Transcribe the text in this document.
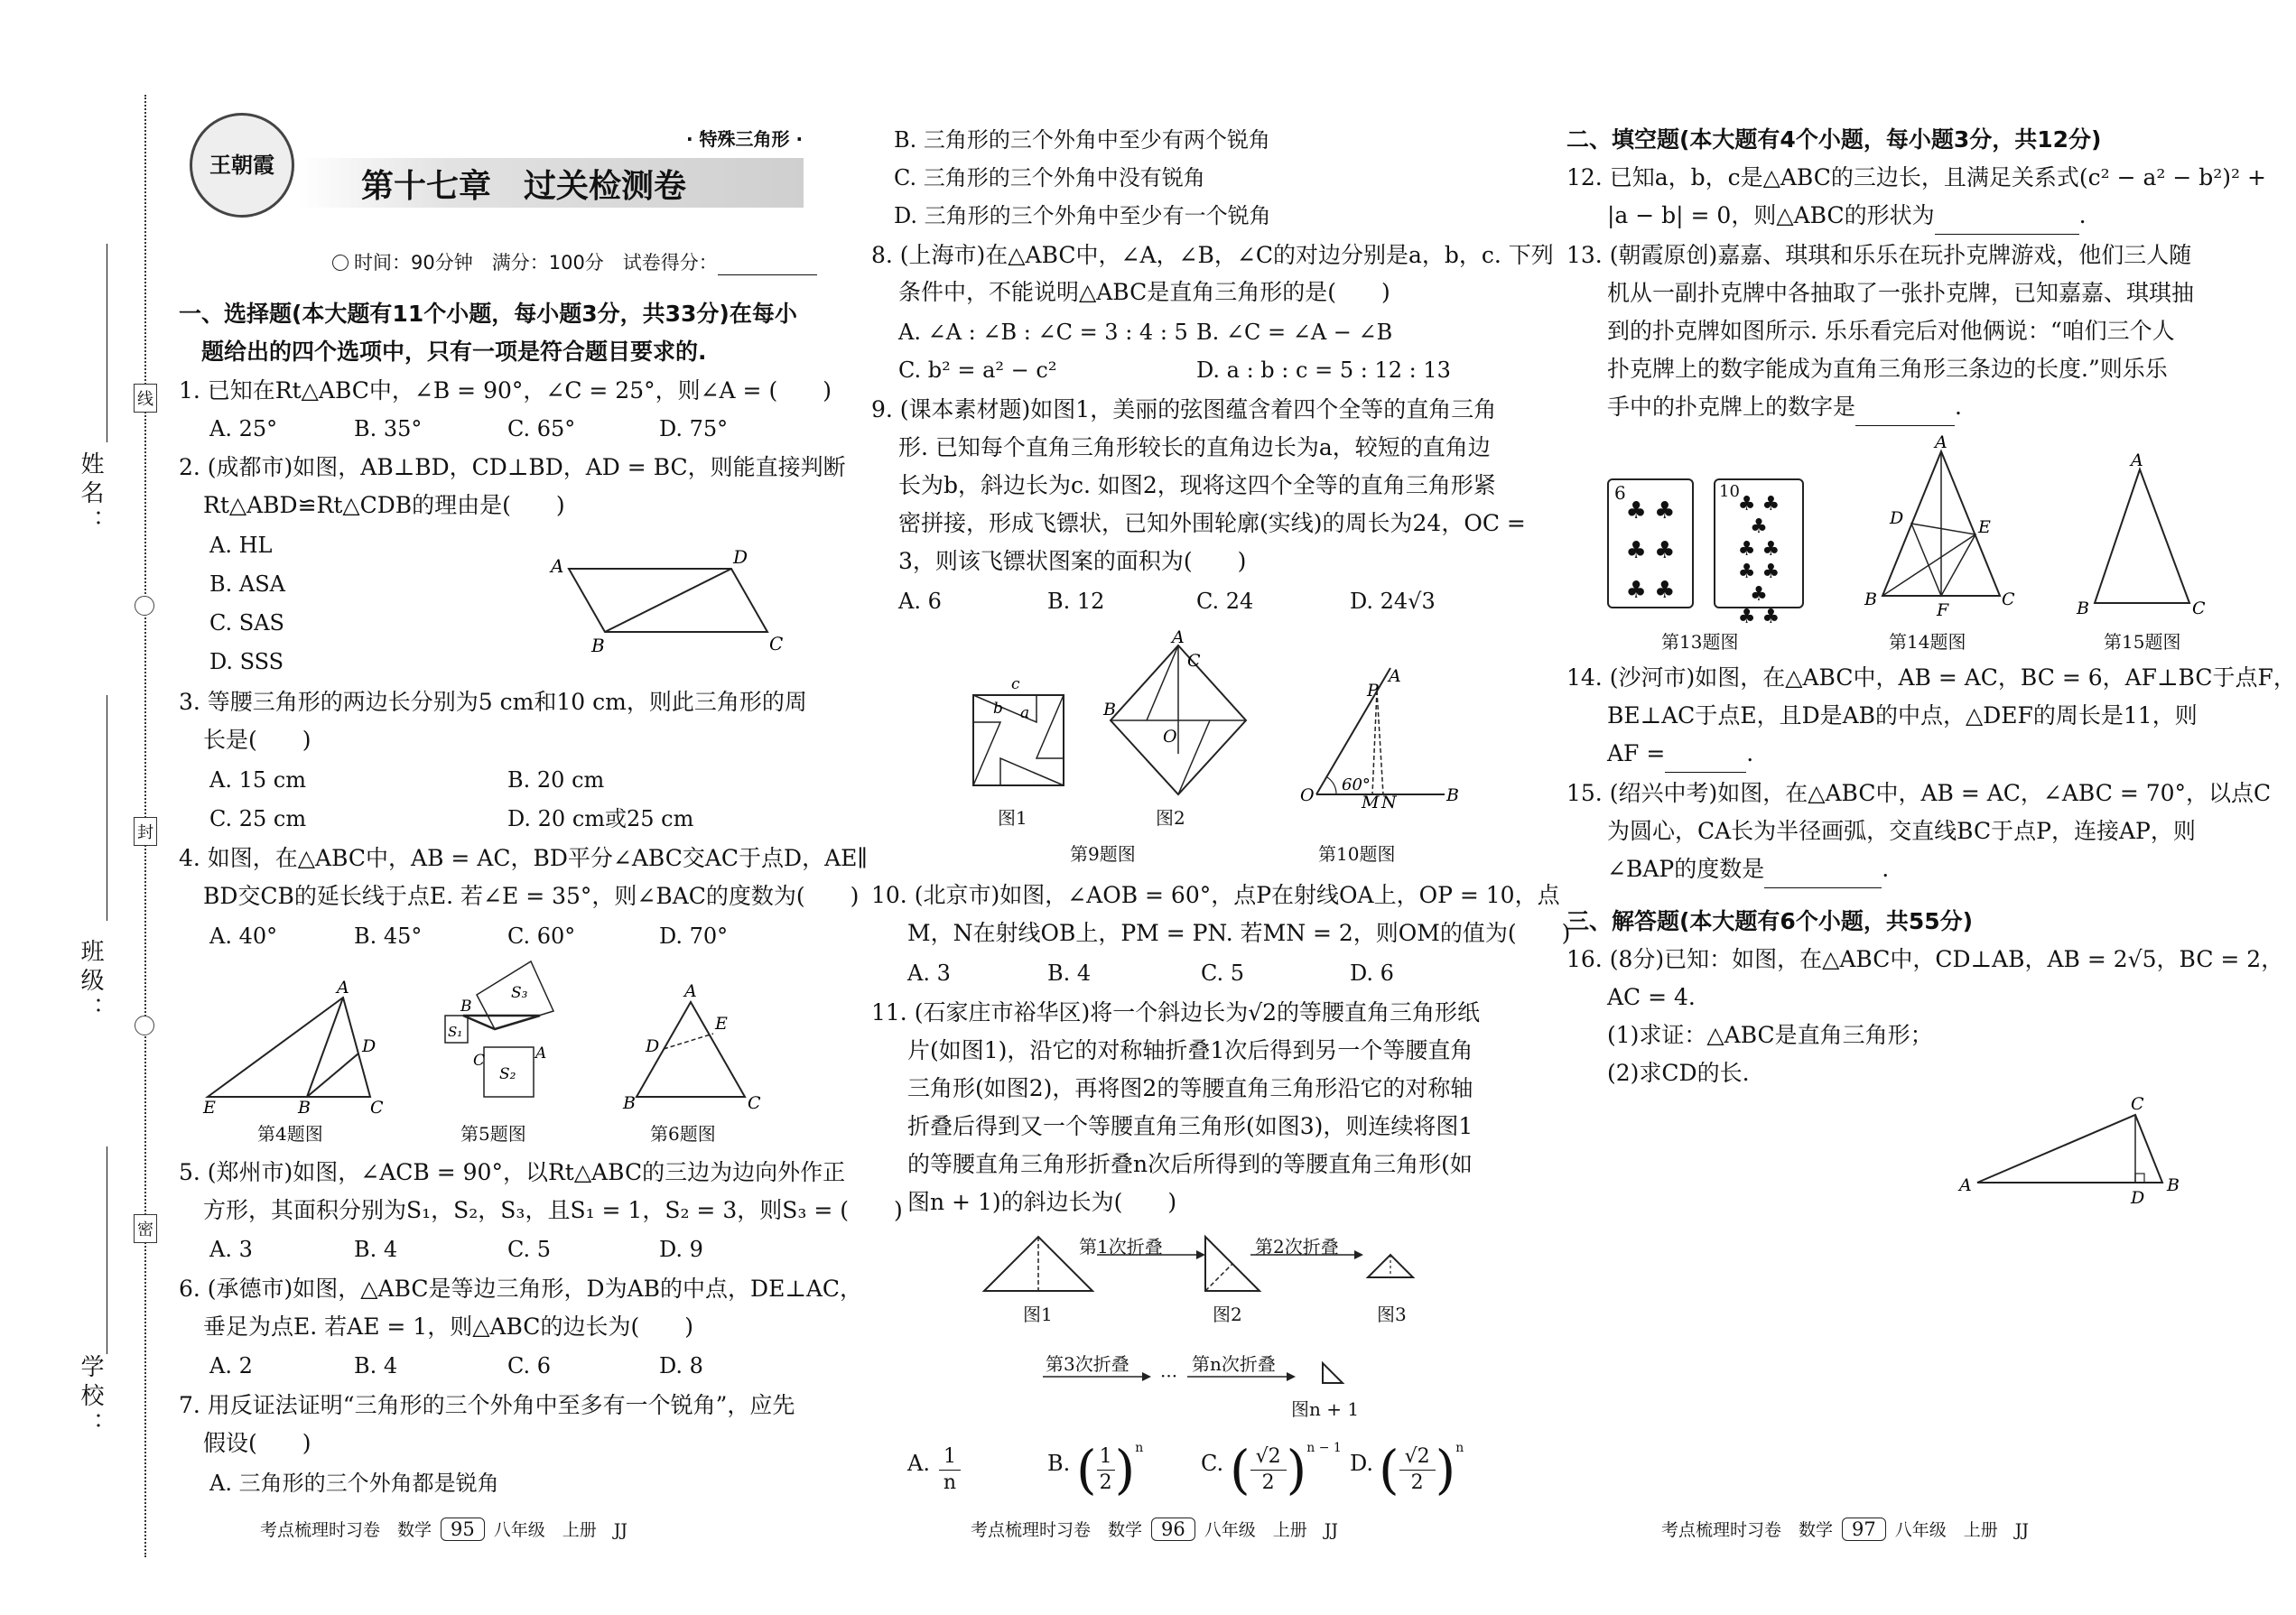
姓名：
班级：
学校：
线
封
密
王朝霞
第十七章　过关检测卷
· 特殊三角形 ·
时间：90分钟　满分：100分　试卷得分：
一、选择题(本大题有11个小题，每小题3分，共33分)在每小
题给出的四个选项中，只有一项是符合题目要求的.
1. 已知在Rt△ABC中，∠B = 90°，∠C = 25°，则∠A = (　　)
A. 25°	B. 35°	C. 65°	D. 75°
2. (成都市)如图，AB⊥BD，CD⊥BD，AD = BC，则能直接判断
Rt△ABD≌Rt△CDB的理由是(　　)
A. HL
B. ASA
C. SAS
D. SSS
A	D
B	C
3. 等腰三角形的两边长分别为5 cm和10 cm，则此三角形的周
长是(　　)
A. 15 cm	B. 20 cm
C. 25 cm	D. 20 cm或25 cm
4. 如图，在△ABC中，AB = AC，BD平分∠ABC交AC于点D，AE∥
BD交CB的延长线于点E. 若∠E = 35°，则∠BAC的度数为(　　)
A. 40°	B. 45°	C. 60°	D. 70°
E
A
B
D
C
第4题图
B
S₃
S₁
C	A
S₂
第5题图
A
D
E
B	C
第6题图
5. (郑州市)如图，∠ACB = 90°，以Rt△ABC的三边为边向外作正
方形，其面积分别为S₁，S₂，S₃，且S₁ = 1，S₂ = 3，则S₃ = (　　)
A. 3	B. 4	C. 5	D. 9
6. (承德市)如图，△ABC是等边三角形，D为AB的中点，DE⊥AC，
垂足为点E. 若AE = 1，则△ABC的边长为(　　)
A. 2	B. 4	C. 6	D. 8
7. 用反证法证明“三角形的三个外角中至多有一个锐角”，应先
假设(　　)
A. 三角形的三个外角都是锐角
考点梳理时习卷　数学 95 八年级　上册　JJ
B. 三角形的三个外角中至少有两个锐角
C. 三角形的三个外角中没有锐角
D. 三角形的三个外角中至少有一个锐角
8. (上海市)在△ABC中，∠A，∠B，∠C的对边分别是a，b，c. 下列
条件中，不能说明△ABC是直角三角形的是(　　)
A. ∠A : ∠B : ∠C = 3 : 4 : 5 B. ∠C = ∠A − ∠B
C. b² = a² − c²	D. a : b : c = 5 : 12 : 13
9. (课本素材题)如图1，美丽的弦图蕴含着四个全等的直角三角
形. 已知每个直角三角形较长的直角边长为a，较短的直角边
长为b，斜边长为c. 如图2，现将这四个全等的直角三角形紧
密拼接，形成飞镖状，已知外围轮廓(实线)的周长为24，OC =
3，则该飞镖状图案的面积为(　　)
A. 6	B. 12	C. 24	D. 24√3
c
b a
图1
A
C
B
O
图2
第9题图
O
60°
P
A
M N	B
第10题图
10. (北京市)如图，∠AOB = 60°，点P在射线OA上，OP = 10，点
M，N在射线OB上，PM = PN. 若MN = 2，则OM的值为(　　)
A. 3	B. 4	C. 5	D. 6
11. (石家庄市裕华区)将一个斜边长为√2的等腰直角三角形纸
片(如图1)，沿它的对称轴折叠1次后得到另一个等腰直角
三角形(如图2)，再将图2的等腰直角三角形沿它的对称轴
折叠后得到又一个等腰直角三角形(如图3)，则连续将图1
的等腰直角三角形折叠n次后所得到的等腰直角三角形(如
图n + 1)的斜边长为(　　)
第1次折叠	第2次折叠
图1	图2	图3
第3次折叠
···
第n次折叠
图n + 1
A. 1
n
B. ( $\frac{1}{2} )^n$
C. ( $\frac{√2}{2} )^{n - 1}$
D. ( $\frac{√2}{2} )^n$
考点梳理时习卷　数学 96 八年级　上册　JJ
二、填空题(本大题有4个小题，每小题3分，共12分)
12. 已知a，b，c是△ABC的三边长，且满足关系式(c² − a² − b²)² +
|a − b| = 0，则△ABC的形状为	.
13. (朝霞原创)嘉嘉、琪琪和乐乐在玩扑克牌游戏，他们三人随
机从一副扑克牌中各抽取了一张扑克牌，已知嘉嘉、琪琪抽
到的扑克牌如图所示. 乐乐看完后对他俩说：“咱们三个人
扑克牌上的数字能成为直角三角形三条边的长度.”则乐乐
手中的扑克牌上的数字是	.
6
♣ ♣
♣ ♣
♣ ♣
10
♣ ♣
♣
♣ ♣
♣ ♣
♣
♣ ♣
第13题图
A
D	E
B
F
C
第14题图
A
B	C
第15题图
14. (沙河市)如图，在△ABC中，AB = AC，BC = 6，AF⊥BC于点F，
BE⊥AC于点E，且D是AB的中点，△DEF的周长是11，则
AF =	.
15. (绍兴中考)如图，在△ABC中，AB = AC，∠ABC = 70°，以点C
为圆心，CA长为半径画弧，交直线BC于点P，连接AP，则
∠BAP的度数是	.
三、解答题(本大题有6个小题，共55分)
16. (8分)已知：如图，在△ABC中，CD⊥AB，AB = 2√5，BC = 2，
AC = 4.
(1)求证：△ABC是直角三角形；
(2)求CD的长.
A
C
D
B
考点梳理时习卷　数学 97 八年级　上册　JJ
